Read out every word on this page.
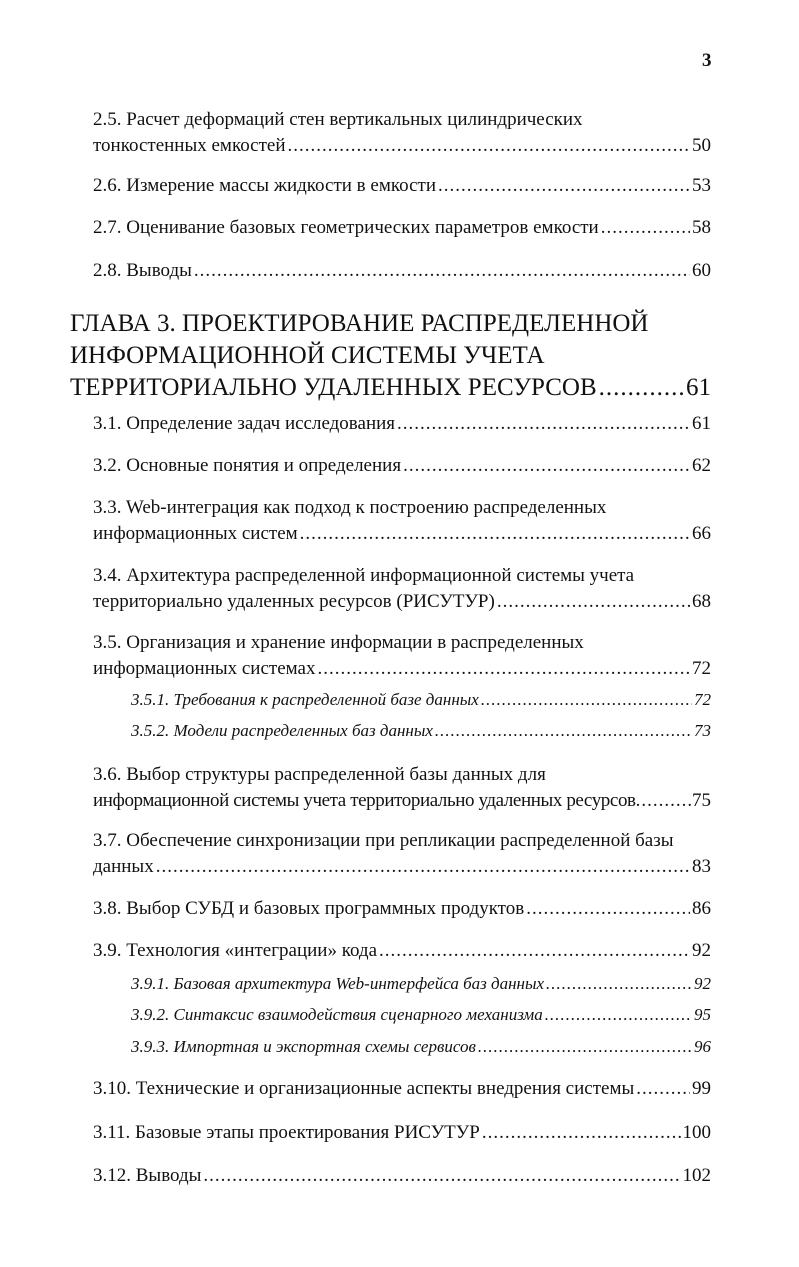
3
2.5. Расчет деформаций стен вертикальных цилиндрических
тонкостенных емкостей .....	50
2.6. Измерение массы жидкости в емкости .....	53
2.7. Оценивание базовых геометрических параметров емкости .....	58
2.8. Выводы .....	60
ГЛАВА 3. ПРОЕКТИРОВАНИЕ РАСПРЕДЕЛЕННОЙ
ИНФОРМАЦИОННОЙ СИСТЕМЫ УЧЕТА
ТЕРРИТОРИАЛЬНО УДАЛЕННЫХ РЕСУРСОВ .....	61
3.1. Определение задач исследования .....	61
3.2. Основные понятия и определения .....	62
3.3. Web-интеграция как подход к построению распределенных
информационных систем .....	66
3.4. Архитектура распределенной информационной системы учета
территориально удаленных ресурсов (РИСУТУР) .....	68
3.5. Организация и хранение информации в распределенных
информационных системах .....	72
3.5.1. Требования к распределенной базе данных .....	72
3.5.2. Модели распределенных баз данных .....	73
3.6. Выбор структуры распределенной базы данных для
информационной системы учета территориально удаленных ресурсов .....	75
3.7. Обеспечение синхронизации при репликации распределенной базы
данных .....	83
3.8. Выбор СУБД и базовых программных продуктов .....	86
3.9. Технология «интеграции» кода .....	92
3.9.1. Базовая архитектура Web-интерфейса баз данных .....	92
3.9.2. Синтаксис взаимодействия сценарного механизма .....	95
3.9.3. Импортная и экспортная схемы сервисов .....	96
3.10. Технические и организационные аспекты внедрения системы .....	99
3.11. Базовые этапы проектирования РИСУТУР .....	100
3.12. Выводы .....	102
